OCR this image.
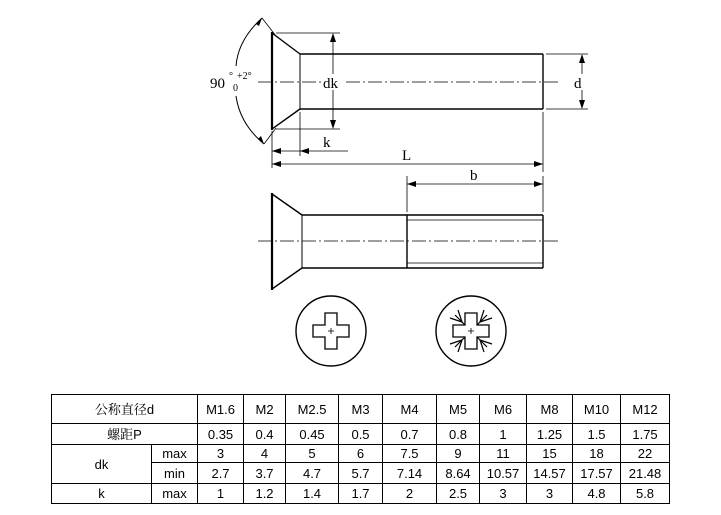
90 ° +2°
0	dk	d
k
L
b
公称直径d		M1.6	M2	M2.5	M3	M4	M5	M6	M8	M10	M12
螺距P		0.35	0.4	0.45	0.5	0.7	0.8	1	1.25	1.5	1.75
dk	max	3	4	5	6	7.5	9	11	15	18	22
	min	2.7	3.7	4.7	5.7	7.14	8.64	10.57	14.57	17.57	21.48
k	max	1	1.2	1.4	1.7	2	2.5	3	3	4.8	5.8
